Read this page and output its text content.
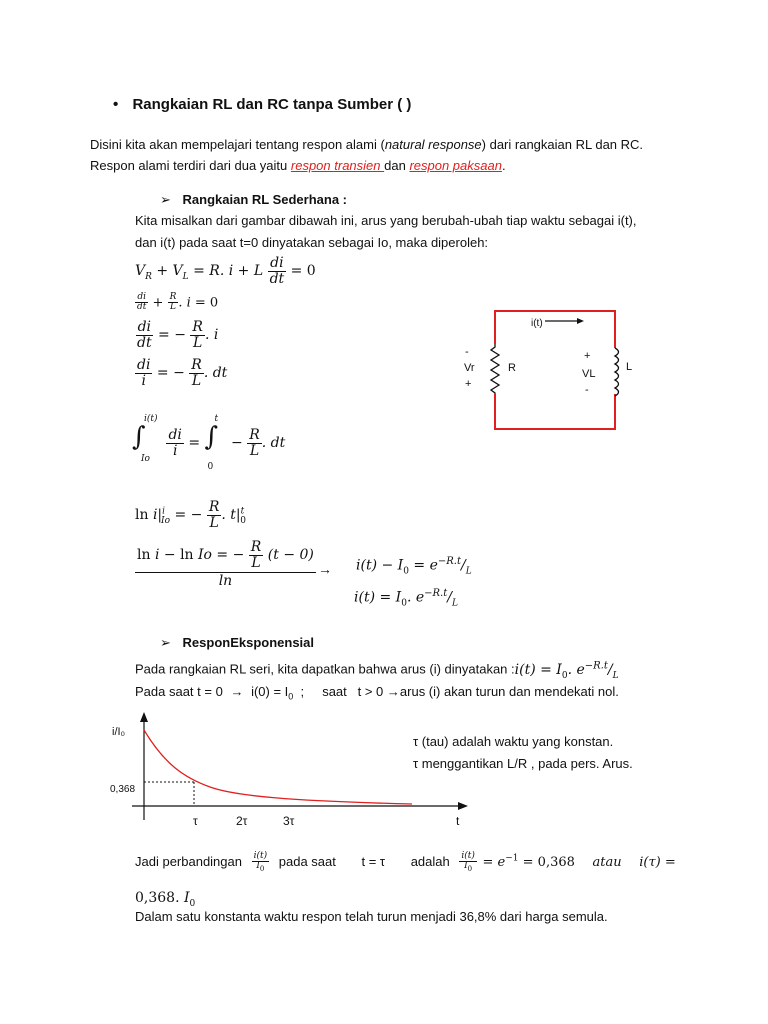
• Rangkaian RL dan RC tanpa Sumber ( )
Disini kita akan mempelajari tentang respon alami (natural response) dari rangkaian RL dan RC.
Respon alami terdiri dari dua yaitu respon transien dan respon paksaan.
➢ Rangkaian RL Sederhana :
Kita misalkan dari gambar dibawah ini, arus yang berubah-ubah tiap waktu sebagai i(t),
dan i(t) pada saat t=0 dinyatakan sebagai Io, maka diperoleh:
$V_R + V_L = R$. i + L $\frac{di}{dt} = 0$
$\frac{di}{dt} + \frac{R}{L}$ . i = 0
$\frac{di}{dt}$ = − $\frac{R}{L}$ . i
$\frac{di}{i}$ = − $\frac{R}{L}$ . dt
∫
i(t)
Io

$\frac{di}{i}$ = ∫
t
0
− $\frac{R}{L}$ . dt
$\ln i|^i_{Io}$ = − $\frac{R}{L}$ . $t|^t_0$
$\frac{\ln i - \ln Io = - \frac{R}{L} (t - 0)}{\ln} \to i(t) - I_0 = e^{-R.t}/_L$
$i(t) = I_0$. $e^{-R.t}/_L$
i(t)
-
Vr
+
R
+
VL
-
L
➢ ResponEksponensial
Pada rangkaian RL seri, kita dapatkan bahwa arus (i) dinyatakan :i(t) = $I_0$. $e^{-R.t}/_L$
Pada saat $t = 0 \to i(0) = I_0$  ;     saat   t > 0 →arus (i) akan turun dan mendekati nol.
i/I₀
0,368
τ	2τ	3τ	t
τ (tau) adalah waktu yang konstan.
τ menggantikan L/R , pada pers. Arus.
Jadi perbandingan $\frac{i(t)}{I_0}$ pada saat t = τ adalah $\frac{i(t)}{I_0} = e^{-1} = 0,368$ atau i(τ) =
0,368. $I_0$
Dalam satu konstanta waktu respon telah turun menjadi 36,8% dari harga semula.
